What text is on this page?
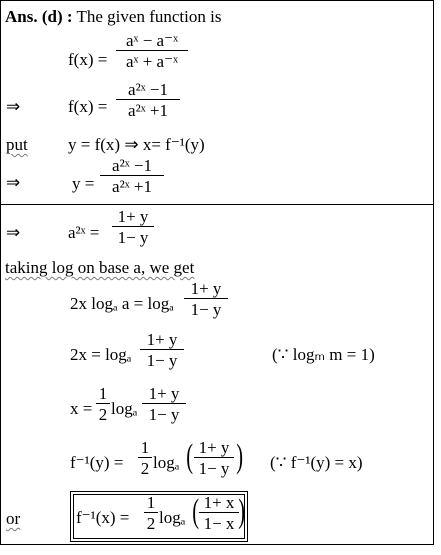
Ans. (d) : The given function is
f(x) =
aˣ − a⁻ˣ
aˣ + a⁻ˣ
⇒	f(x) =
a²ˣ −1
a²ˣ +1
put y = f(x) ⇒ x= f⁻¹(y)
⇒	y =
a²ˣ −1
a²ˣ +1
⇒	a²ˣ =
1+ y
1− y
taking log on base a, we get
2x logₐ a = logₐ
1+ y
1− y
2x = logₐ
1+ y
1− y	(∵ logₘ m = 1)
x =
1
2 logₐ
1+ y
1− y
f⁻¹(y) =
1
2 logₐ ( 1+ y
1− y ) (∵ f⁻¹(y) = x)
or	f⁻¹(x) =
1
2 logₐ ( 1+ x
1− x )
